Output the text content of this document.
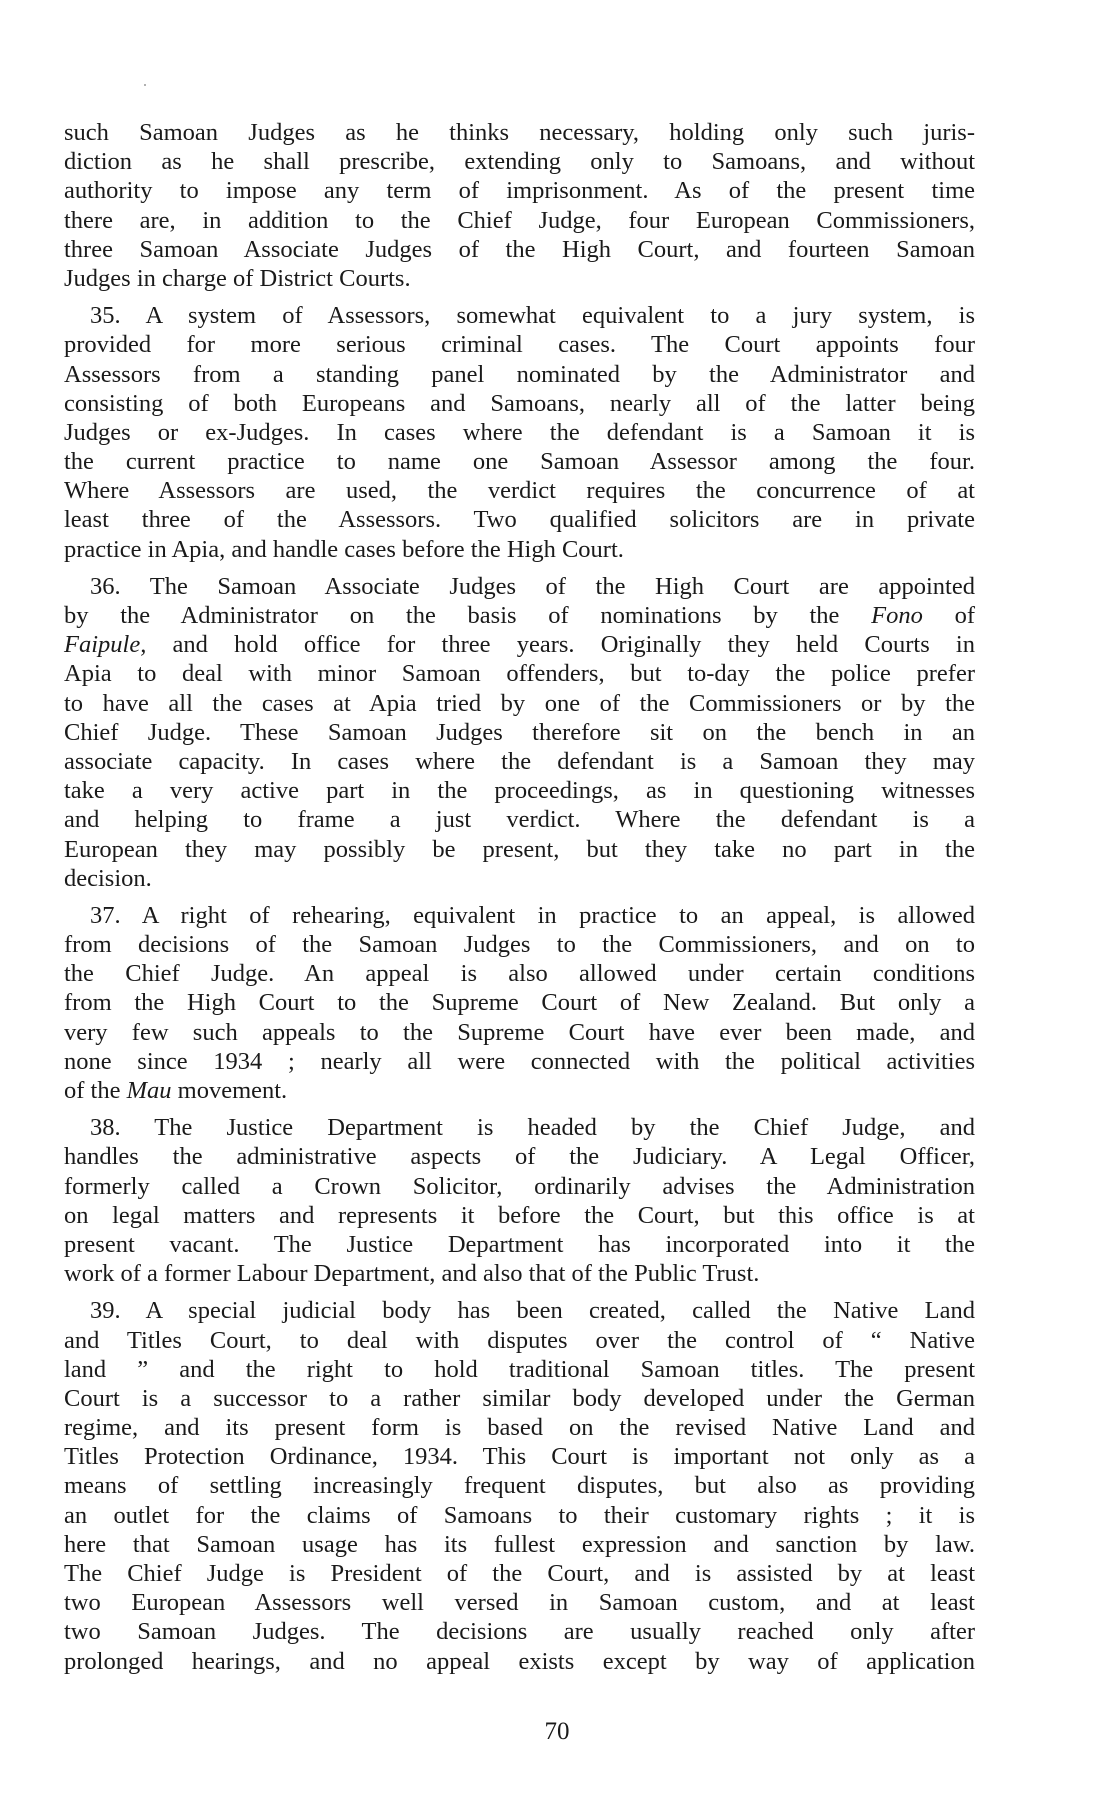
such Samoan Judges as he thinks necessary, holding only such juris-
diction as he shall prescribe, extending only to Samoans, and without
authority to impose any term of imprisonment. As of the present time
there are, in addition to the Chief Judge, four European Commissioners,
three Samoan Associate Judges of the High Court, and fourteen Samoan
Judges in charge of District Courts.
35. A system of Assessors, somewhat equivalent to a jury system, is
provided for more serious criminal cases. The Court appoints four
Assessors from a standing panel nominated by the Administrator and
consisting of both Europeans and Samoans, nearly all of the latter being
Judges or ex-Judges. In cases where the defendant is a Samoan it is
the current practice to name one Samoan Assessor among the four.
Where Assessors are used, the verdict requires the concurrence of at
least three of the Assessors. Two qualified solicitors are in private
practice in Apia, and handle cases before the High Court.
36. The Samoan Associate Judges of the High Court are appointed
by the Administrator on the basis of nominations by the Fono of
Faipule, and hold office for three years. Originally they held Courts in
Apia to deal with minor Samoan offenders, but to-day the police prefer
to have all the cases at Apia tried by one of the Commissioners or by the
Chief Judge. These Samoan Judges therefore sit on the bench in an
associate capacity. In cases where the defendant is a Samoan they may
take a very active part in the proceedings, as in questioning witnesses
and helping to frame a just verdict. Where the defendant is a
European they may possibly be present, but they take no part in the
decision.
37. A right of rehearing, equivalent in practice to an appeal, is allowed
from decisions of the Samoan Judges to the Commissioners, and on to
the Chief Judge. An appeal is also allowed under certain conditions
from the High Court to the Supreme Court of New Zealand. But only a
very few such appeals to the Supreme Court have ever been made, and
none since 1934 ; nearly all were connected with the political activities
of the Mau movement.
38. The Justice Department is headed by the Chief Judge, and
handles the administrative aspects of the Judiciary. A Legal Officer,
formerly called a Crown Solicitor, ordinarily advises the Administration
on legal matters and represents it before the Court, but this office is at
present vacant. The Justice Department has incorporated into it the
work of a former Labour Department, and also that of the Public Trust.
39. A special judicial body has been created, called the Native Land
and Titles Court, to deal with disputes over the control of “ Native
land ” and the right to hold traditional Samoan titles. The present
Court is a successor to a rather similar body developed under the German
regime, and its present form is based on the revised Native Land and
Titles Protection Ordinance, 1934. This Court is important not only as a
means of settling increasingly frequent disputes, but also as providing
an outlet for the claims of Samoans to their customary rights ; it is
here that Samoan usage has its fullest expression and sanction by law.
The Chief Judge is President of the Court, and is assisted by at least
two European Assessors well versed in Samoan custom, and at least
two Samoan Judges. The decisions are usually reached only after
prolonged hearings, and no appeal exists except by way of application
70
